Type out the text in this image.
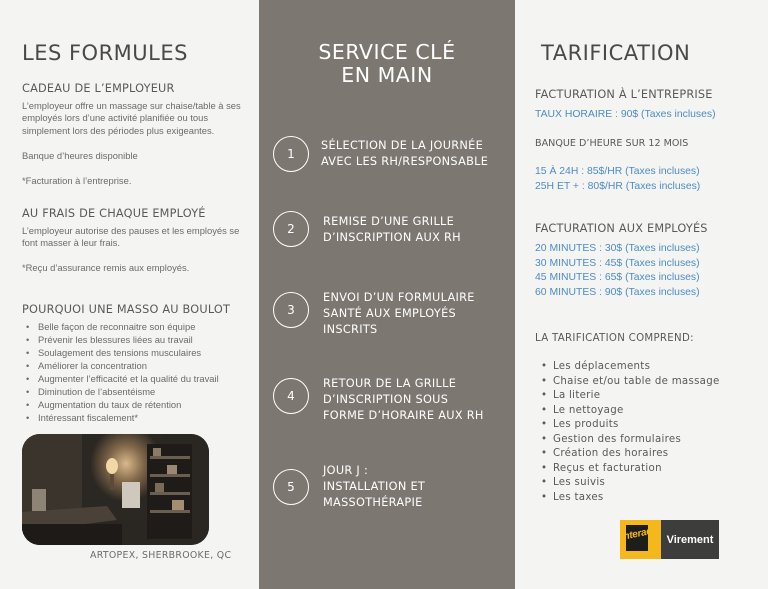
LES FORMULES
CADEAU DE L’EMPLOYEUR

L’employeur offre un massage sur chaise/table à ses employés lors d’une activité planifiée ou tous simplement lors des périodes plus exigeantes.

Banque d’heures disponible

*Facturation à l’entreprise.

AU FRAIS DE CHAQUE EMPLOYÉ

L’employeur autorise des pauses et les employés se font masser à leur frais.

*Reçu d’assurance remis aux employés.

POURQUOI UNE MASSO AU BOULOT
• Belle façon de reconnaitre son équipe
• Prévenir les blessures liées au travail
• Soulagement des tensions musculaires
• Améliorer la concentration
• Augmenter l’efficacité et la qualité du travail
• Diminution de l’absentéisme
• Augmentation du taux de rétention
• Intéressant fiscalement*
ARTOPEX, SHERBROOKE, QC
SERVICE CLÉ
EN MAIN
1
SÉLECTION DE LA JOURNÉE
AVEC LES RH/RESPONSABLE
2
REMISE D’UNE GRILLE
D’INSCRIPTION AUX RH
3
ENVOI D’UN FORMULAIRE
SANTÉ AUX EMPLOYÉS
INSCRITS
4
RETOUR DE LA GRILLE
D’INSCRIPTION SOUS
FORME D’HORAIRE AUX RH
5
JOUR J :
INSTALLATION ET
MASSOTHÉRAPIE
TARIFICATION
FACTURATION À L’ENTREPRISE
TAUX HORAIRE : 90$ (Taxes incluses)
BANQUE D’HEURE SUR 12 MOIS
15 À 24H : 85$/HR (Taxes incluses)
25H ET + : 80$/HR (Taxes incluses)
FACTURATION AUX EMPLOYÉS
20 MINUTES : 30$ (Taxes incluses)
30 MINUTES : 45$ (Taxes incluses)
45 MINUTES : 65$ (Taxes incluses)
60 MINUTES : 90$ (Taxes incluses)
LA TARIFICATION COMPREND:
• Les déplacements
• Chaise et/ou table de massage
• La literie
• Le nettoyage
• Les produits
• Gestion des formulaires
• Création des horaires
• Reçus et facturation
• Les suivis
• Les taxes
Interac	Virement
